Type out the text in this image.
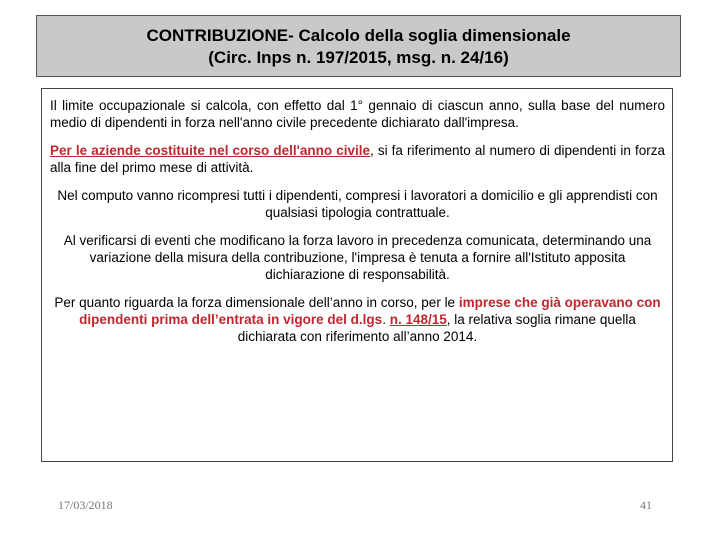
CONTRIBUZIONE- Calcolo della soglia dimensionale
(Circ. Inps n. 197/2015, msg. n. 24/16)

Il limite occupazionale si calcola, con effetto dal 1° gennaio di ciascun anno, sulla base del numero medio di dipendenti in forza nell'anno civile precedente dichiarato dall'impresa.

Per le aziende costituite nel corso dell'anno civile, si fa riferimento al numero di dipendenti in forza alla fine del primo mese di attività.

Nel computo vanno ricompresi tutti i dipendenti, compresi i lavoratori a domicilio e gli apprendisti con qualsiasi tipologia contrattuale.

Al verificarsi di eventi che modificano la forza lavoro in precedenza comunicata, determinando una variazione della misura della contribuzione, l'impresa è tenuta a fornire all'Istituto apposita dichiarazione di responsabilità.

Per quanto riguarda la forza dimensionale dell’anno in corso, per le imprese che già operavano con dipendenti prima dell’entrata in vigore del d.lgs. n. 148/15, la relativa soglia rimane quella dichiarata con riferimento all’anno 2014.

17/03/2018	41
